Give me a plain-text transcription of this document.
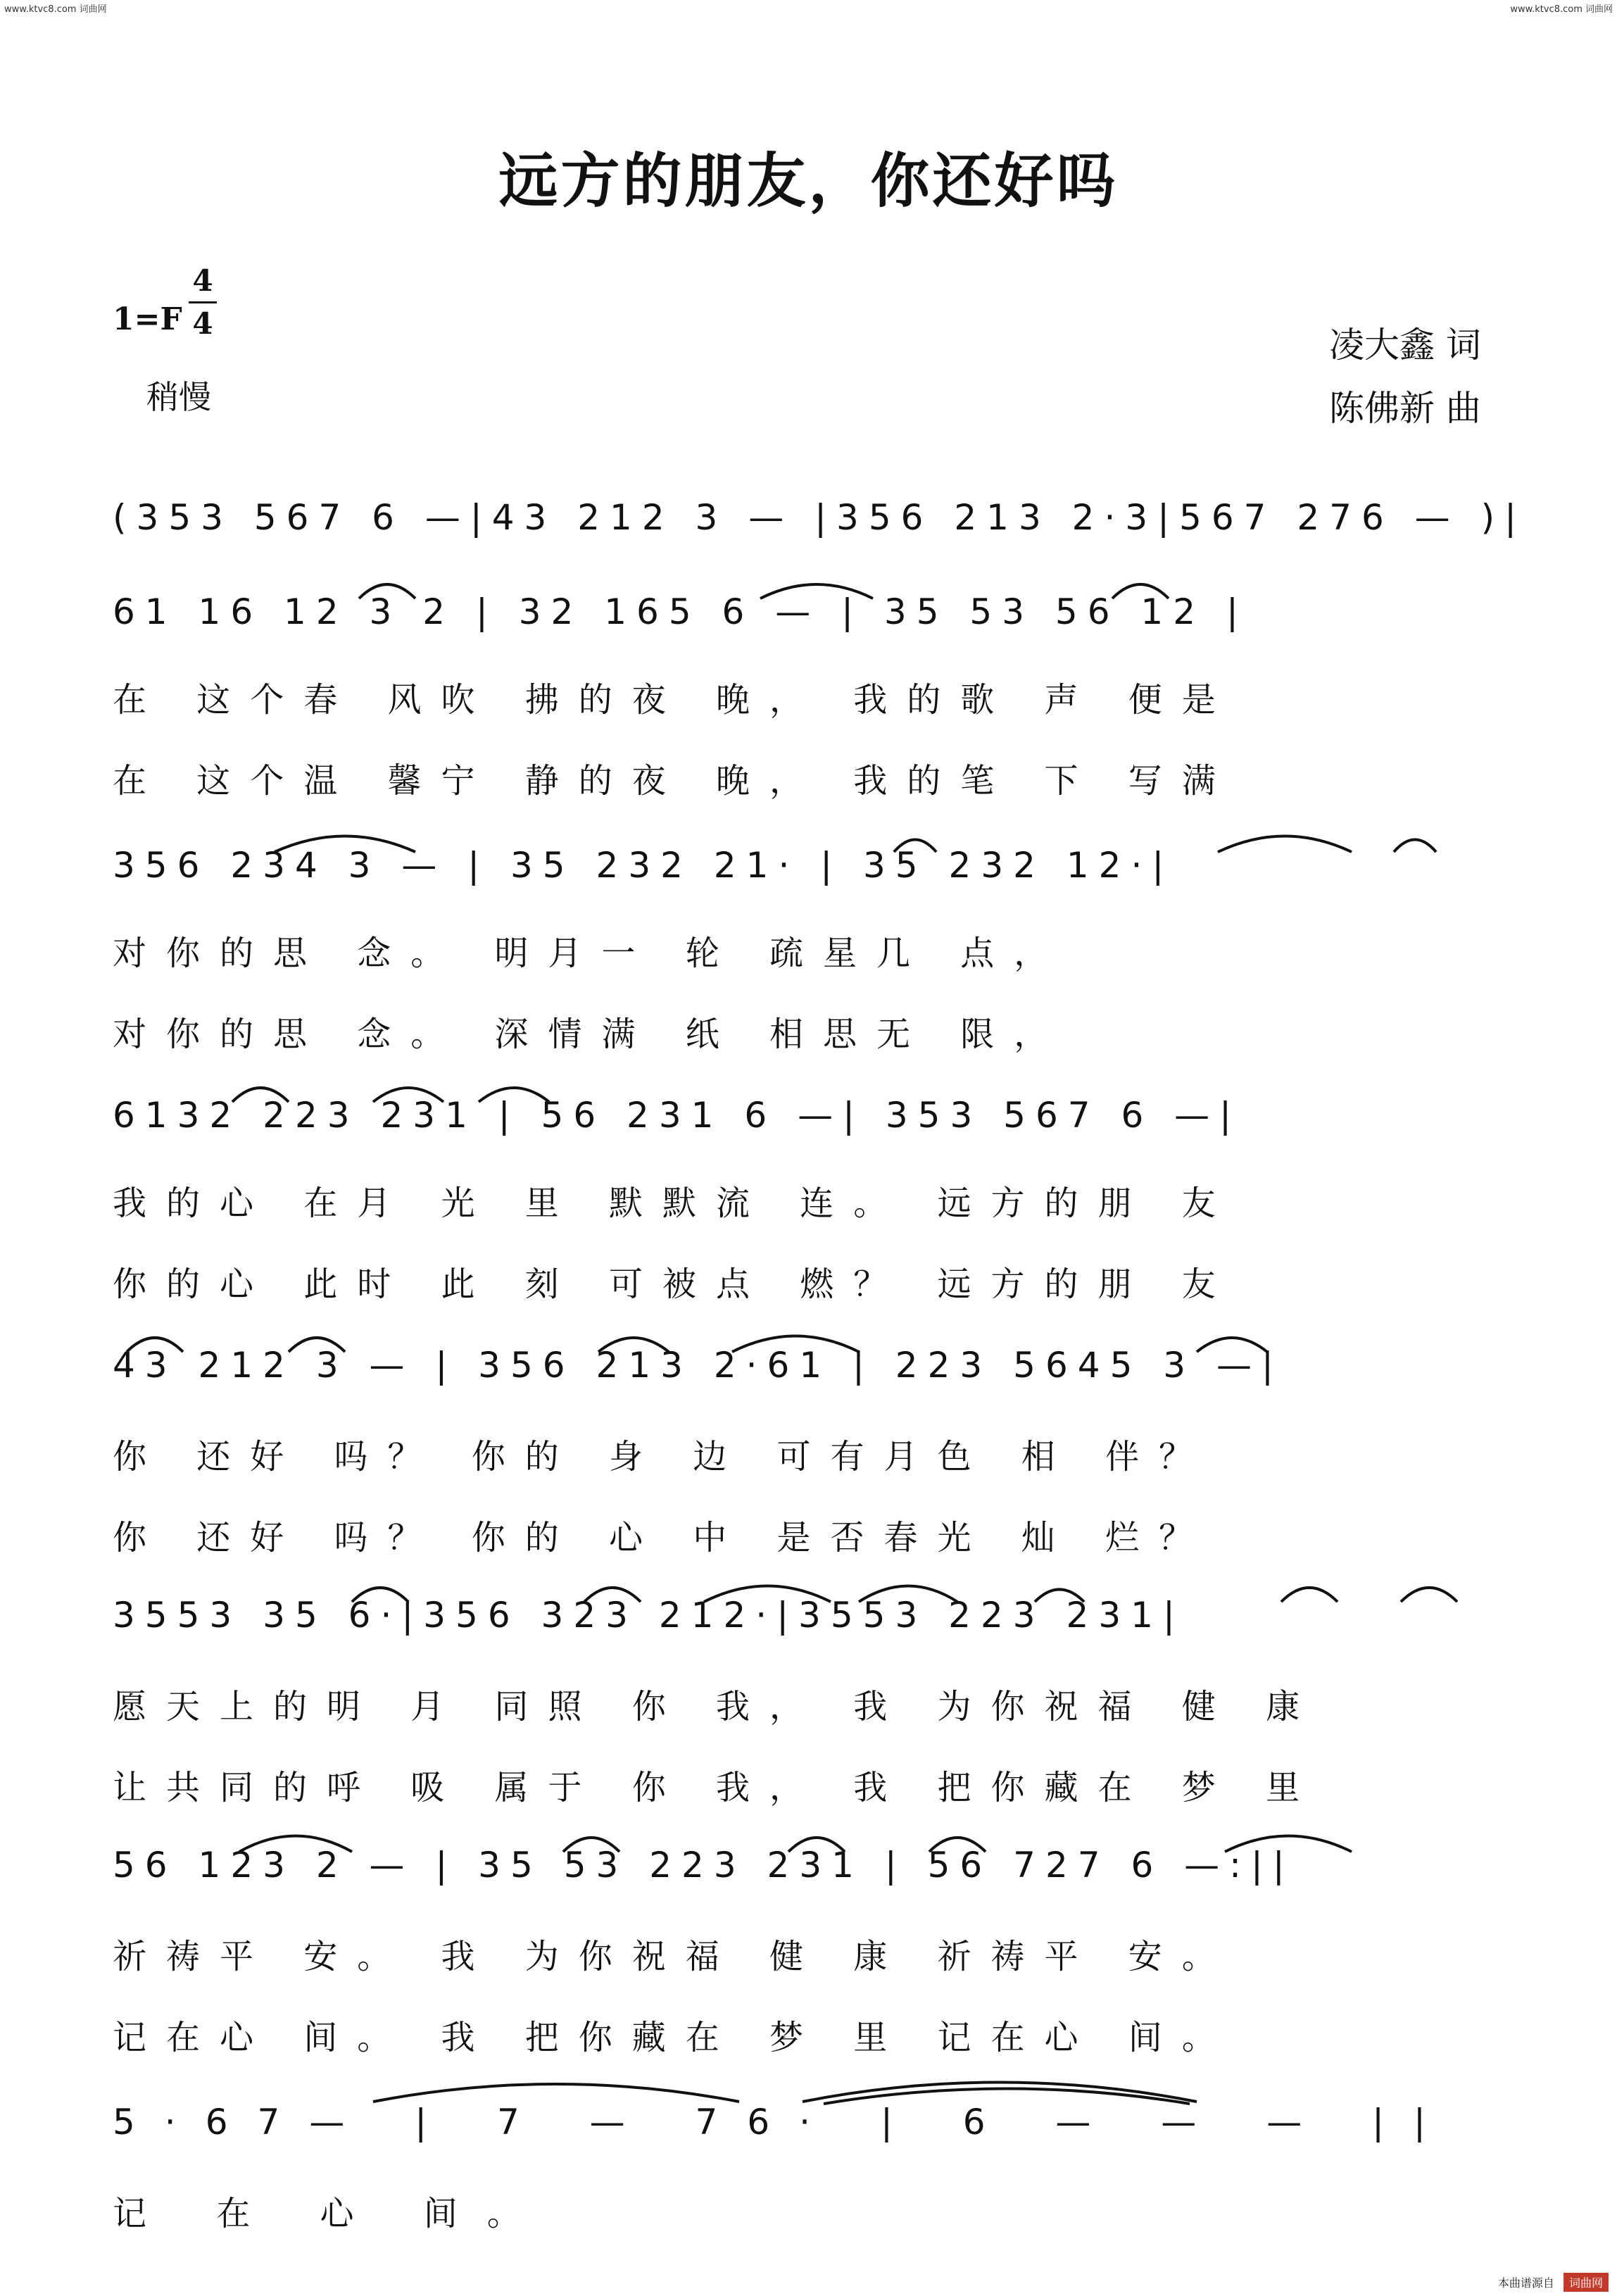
www.ktvc8.com 词曲网	www.ktvc8.com 词曲网
远方的朋友，你还好吗
$1=F \frac{4}{4}$
稍慢
凌大鑫 词
陈佛新 曲
(353 567 6 —|43 212 3 — |356 213 2·3|567 276 — )|
61 16 12 3 2 | 32 165 6 — | 35 53 56 12 |
在 这个春 风吹 拂的夜 晚， 我的歌 声 便是
在 这个温 馨宁 静的夜 晚， 我的笔 下 写满
356 234 3 — | 35 232 21· | 35 232 12·|
对你的思 念。 明月一 轮 疏星几 点，
对你的思 念。 深情满 纸 相思无 限，
6132 223 231 | 56 231 6 —| 353 567 6 —|
我的心 在月 光 里 默默流 连。 远方的朋 友
你的心 此时 此 刻 可被点 燃？ 远方的朋 友
43 212 3 — | 356 213 2·61 | 223 5645 3 —|
你 还好 吗？ 你的 身 边 可有月色 相 伴？
你 还好 吗？ 你的 心 中 是否春光 灿 烂？
3553 35 6·|356 323 212·|3553 223 231|
愿天上的明 月 同照 你 我， 我 为你祝福 健 康
让共同的呼 吸 属于 你 我， 我 把你藏在 梦 里
56 123 2 — | 35 53 223 231 | 56 727 6 —:||
祈祷平 安。 我 为你祝福 健 康 祈祷平 安。
记在心 间。 我 把你藏在 梦 里 记在心 间。
5·67— | 7 — 76· | 6 — — — ||
记 在 心 间。
本曲谱源自 词曲网
